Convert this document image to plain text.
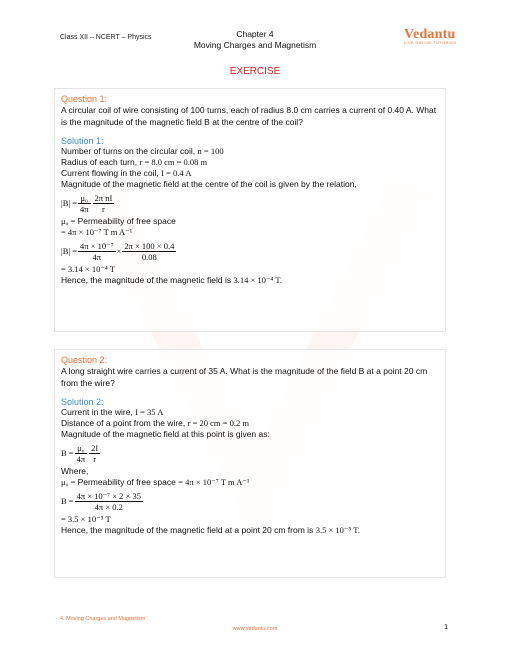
Class XII – NCERT – Physics	Chapter 4
Moving Charges and Magnetism
Vedantu
LIVE ONLINE TUTORING
EXERCISE
Question 1:
A circular coil of wire consisting of 100 turns, each of radius 8.0 cm carries a current of 0.40 A. What is the magnitude of the magnetic field B at the centre of the coil?
Solution 1:
Number of turns on the circular coil, n = 100
Radius of each turn, r = 8.0 cm = 0.08 m
Current flowing in the coil, I = 0.4 A
Magnitude of the magnetic field at the centre of the coil is given by the relation,
$|B| = \frac{\text{μ₀}}{4\pi} \frac{\text{2π nI}}{r}$
μ₀ = Permeability of free space
= 4π × 10⁻⁷ T m A⁻¹
$|B| = \frac{\text{4π × 10⁻⁷}}{4\pi} \times \frac{2\pi \times 100 \times 0.4}{0.08}$
= 3.14 × 10⁻⁴ T
Hence, the magnitude of the magnetic field is 3.14 × 10⁻⁴ T.
Question 2:
A long straight wire carries a current of 35 A. What is the magnitude of the field B at a point 20 cm from the wire?
Solution 2:
Current in the wire, I = 35 A
Distance of a point from the wire, r = 20 cm = 0.2 m
Magnitude of the magnetic field at this point is given as:
$B = \frac{\text{μ₀}}{4\pi} \frac{2I}{r}$
Where,
μ₀ = Permeability of free space = 4π × 10⁻⁷ T m A⁻¹
$B = \frac{\text{4π × 10⁻⁷ × 2 × 35}}{4\pi \times 0.2}$
= 3.5 × 10⁻⁵ T
Hence, the magnitude of the magnetic field at a point 20 cm from is 3.5 × 10⁻⁵ T.
4. Moving Charges and Magnetism
www.vedantu.com	1
